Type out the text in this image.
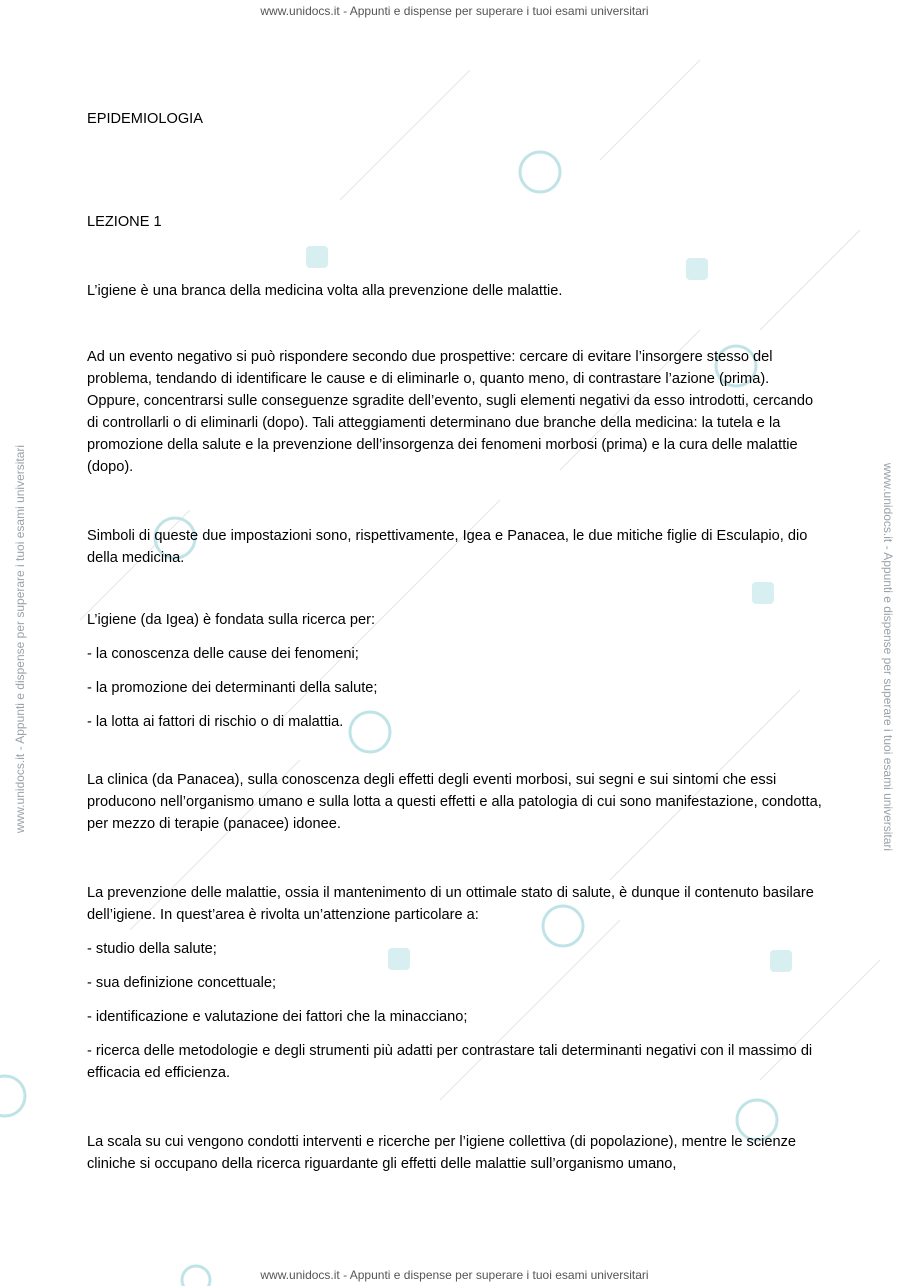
www.unidocs.it - Appunti e dispense per superare i tuoi esami universitari
www.unidocs.it - Appunti e dispense per superare i tuoi esami universitari
www.unidocs.it - Appunti e dispense per superare i tuoi esami universitari	www.unidocs.it - Appunti e dispense per superare i tuoi esami universitari

EPIDEMIOLOGIA

LEZIONE 1

L’igiene è una branca della medicina volta alla prevenzione delle malattie.

Ad un evento negativo si può rispondere secondo due prospettive: cercare di evitare l’insorgere stesso del problema, tendando di identificare le cause e di eliminarle o, quanto meno, di contrastare l’azione (prima). Oppure, concentrarsi sulle conseguenze sgradite dell’evento, sugli elementi negativi da esso introdotti, cercando di controllarli o di eliminarli (dopo). Tali atteggiamenti determinano due branche della medicina: la tutela e la promozione della salute e la prevenzione dell’insorgenza dei fenomeni morbosi (prima) e la cura delle malattie (dopo).

Simboli di queste due impostazioni sono, rispettivamente, Igea e Panacea, le due mitiche figlie di Esculapio, dio della medicina.

L’igiene (da Igea) è fondata sulla ricerca per:

- la conoscenza delle cause dei fenomeni;

- la promozione dei determinanti della salute;

- la lotta ai fattori di rischio o di malattia.

La clinica (da Panacea), sulla conoscenza degli effetti degli eventi morbosi, sui segni e sui sintomi che essi producono nell’organismo umano e sulla lotta a questi effetti e alla patologia di cui sono manifestazione, condotta, per mezzo di terapie (panacee) idonee.

La prevenzione delle malattie, ossia il mantenimento di un ottimale stato di salute, è dunque il contenuto basilare dell’igiene. In quest’area è rivolta un’attenzione particolare a:

- studio della salute;

- sua definizione concettuale;

- identificazione e valutazione dei fattori che la minacciano;

- ricerca delle metodologie e degli strumenti più adatti per contrastare tali determinanti negativi con il massimo di efficacia ed efficienza.

La scala su cui vengono condotti interventi e ricerche per l’igiene collettiva (di popolazione), mentre le scienze cliniche si occupano della ricerca riguardante gli effetti delle malattie sull’organismo umano,
